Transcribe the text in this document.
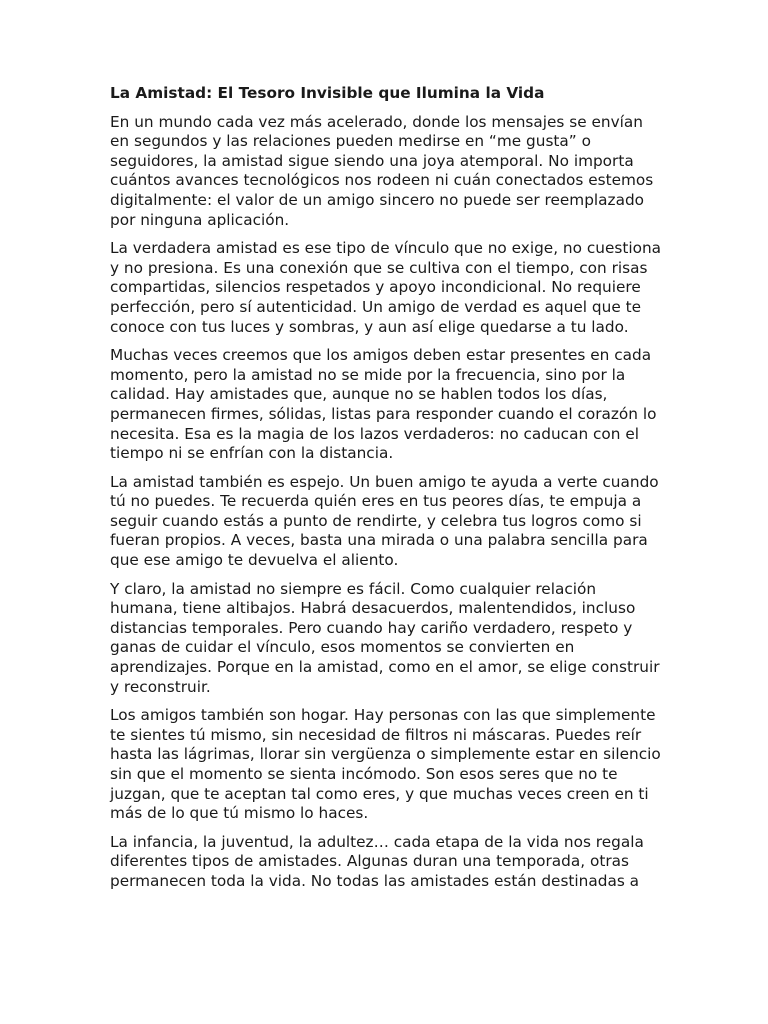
La Amistad: El Tesoro Invisible que Ilumina la Vida

En un mundo cada vez más acelerado, donde los mensajes se envían en segundos y las relaciones pueden medirse en “me gusta” o seguidores, la amistad sigue siendo una joya atemporal. No importa cuántos avances tecnológicos nos rodeen ni cuán conectados estemos digitalmente: el valor de un amigo sincero no puede ser reemplazado por ninguna aplicación.

La verdadera amistad es ese tipo de vínculo que no exige, no cuestiona y no presiona. Es una conexión que se cultiva con el tiempo, con risas compartidas, silencios respetados y apoyo incondicional. No requiere perfección, pero sí autenticidad. Un amigo de verdad es aquel que te conoce con tus luces y sombras, y aun así elige quedarse a tu lado.

Muchas veces creemos que los amigos deben estar presentes en cada momento, pero la amistad no se mide por la frecuencia, sino por la calidad. Hay amistades que, aunque no se hablen todos los días, permanecen firmes, sólidas, listas para responder cuando el corazón lo necesita. Esa es la magia de los lazos verdaderos: no caducan con el tiempo ni se enfrían con la distancia.

La amistad también es espejo. Un buen amigo te ayuda a verte cuando tú no puedes. Te recuerda quién eres en tus peores días, te empuja a seguir cuando estás a punto de rendirte, y celebra tus logros como si fueran propios. A veces, basta una mirada o una palabra sencilla para que ese amigo te devuelva el aliento.

Y claro, la amistad no siempre es fácil. Como cualquier relación humana, tiene altibajos. Habrá desacuerdos, malentendidos, incluso distancias temporales. Pero cuando hay cariño verdadero, respeto y ganas de cuidar el vínculo, esos momentos se convierten en aprendizajes. Porque en la amistad, como en el amor, se elige construir y reconstruir.

Los amigos también son hogar. Hay personas con las que simplemente te sientes tú mismo, sin necesidad de filtros ni máscaras. Puedes reír hasta las lágrimas, llorar sin vergüenza o simplemente estar en silencio sin que el momento se sienta incómodo. Son esos seres que no te juzgan, que te aceptan tal como eres, y que muchas veces creen en ti más de lo que tú mismo lo haces.

La infancia, la juventud, la adultez… cada etapa de la vida nos regala diferentes tipos de amistades. Algunas duran una temporada, otras permanecen toda la vida. No todas las amistades están destinadas a
